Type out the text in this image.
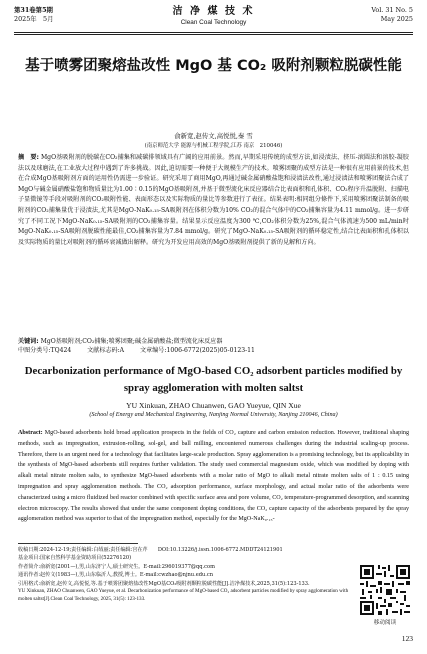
第31卷第5期
2025年　5月
洁 净 煤 技 术
Clean Coal Technology
Vol. 31 No. 5
May 2025
基于喷雾团聚熔盐改性 MgO 基 CO₂ 吸附剂颗粒脱碳性能
俞新宽,赵传文,高悦悦,秦 雪
(南京师范大学 能源与机械工程学院,江苏 南京　210046)
摘　要: MgO基吸附剂的脱碳在CO₂捕集和减碳排领域具有广阔的应用前景。然而,早期采用传统的成型方法,如浸渍法、挤压-滚圆法和溶胶-凝胶法以及球磨法,在工业放大过程中遇到了许多挑战。因此,迫切需要一种便于大规模生产的技术。喷雾团聚的成型方法是一种很有应用前景的技术,但在合成MgO基吸附剂方面的运用性仍需进一步验证。研究采用了商用MgO,再通过碱金属硝酸盐饱和浸渍法改性,通过浸渍法和喷雾团聚法合成了MgO与碱金属硝酸盐饱和物质量比为1.00∶0.15的MgO基吸附剂,并基于微型流化床反应器结合比表面积和孔体积、CO₂程序升温脱附、扫描电子显微镜等手段对吸附剂的CO₂吸附性能、表面形态以及实际物质的量比等参数进行了表征。结果表明:相同组分條件下,采用喷雾团聚法制备的吸附剂的CO₂捕集量优于浸渍法,尤其是MgO-NaK₀.₁₅-SA吸附剂在体积分数为10% CO₂的混合气体中的CO₂捕集容量为4.11 mmol/g。进一步研究了不同工况下MgO-NaK₀.₁₅-SA吸附剂的CO₂捕集容量。结果显示反应温度为300 ℃,CO₂体积分数为25%,混合气体流速为500 mL/min时MgO-NaK₀.₁₅-SA吸附剂脱碳性能最佳,CO₂捕集容量为7.84 mmol/g。研究了MgO-NaK₀.₁₅-SA吸附剂的循环稳定性,结合比表面积和孔体积以及实际物质的量比对吸附剂的循环衰减做出解释。研究为开发应用高效的MgO基吸附剂提供了新的見解和方向。
关键词: MgO基吸附剂;CO₂捕集;喷雾团聚;碱金属硝酸盐;微型流化床反应器
中图分类号:TQ424	文献标志码:A	文章编号:1006-6772(2025)05-0123-11
Decarbonization performance of MgO-based CO₂ adsorbent particles modified by spray agglomeration with molten saltst
YU Xinkuan, ZHAO Chuanwen, GAO Yueyue, QIN Xue
(School of Energy and Mechanical Engineering, Nanjing Normal University, Nanjing 210046, China)
Abstract: MgO-based adsorbents hold broad application prospects in the fields of CO₂ capture and carbon emission reduction. However, traditional shaping methods, such as impregnation, extrusion-rolling, sol-gel, and ball milling, encountered numerous challenges during the industrial scaling-up process. Therefore, there is an urgent need for a technology that facilitates large-scale production. Spray agglomeration is a promising technology, but its applicability in the synthesis of MgO-based adsorbents still requires further validation. The study used commercial magnesium oxide, which was modified by doping with alkali metal nitrate molten salts, to synthesize MgO-based adsorbents with a molar ratio of MgO to alkali metal nitrate molten salts of 1 : 0.15 using impregnation and spray agglomeration methods. The CO₂ adsorption performance, surface morphology, and actual molar ratio of the adsorbents were characterized using a micro fluidized bed reactor combined with specific surface area and pore volume, CO₂ temperature-programmed desorption, and scanning electron microscopy. The results showed that under the same component doping conditions, the CO₂ capture capacity of the adsorbents prepared by the spray agglomeration method was superior to that of the impregnation method, especially for the MgO-NaK₀.₁₅-
收稿日期:2024-12-19;责任编辑:白绒丽;责任编辑:宫在芹　　DOI:10.13226/j.issn.1006-6772.MDDT24121901
基金项目:国家自然科学基金资助项目(52276120)
作者简介:俞新宽(2001—),男,山东济宁人,硕士研究生。E-mail:296019377@qq.com
通讯作者:赵传文(1983—),男,山东临沂人,教授,博士。E-mail:cwzhao@njnu.edu.cn
引用格式:俞新宽,赵传文,高悦悦,等.基于喷雾团聚熔盐改性MgO基CO₂吸附剂颗粒脱碳性能[J].洁净煤技术,2025,31(5):123-133.
YU Xinkuan, ZHAO Chuanwen, GAO Yueyue, et al. Decarbonization performance of MgO-based CO₂ adsorbent particles modified by spray agglomeration with molten saltst[J].Clean Coal Technology, 2025, 31(5): 123-133.
移动阅读
123
